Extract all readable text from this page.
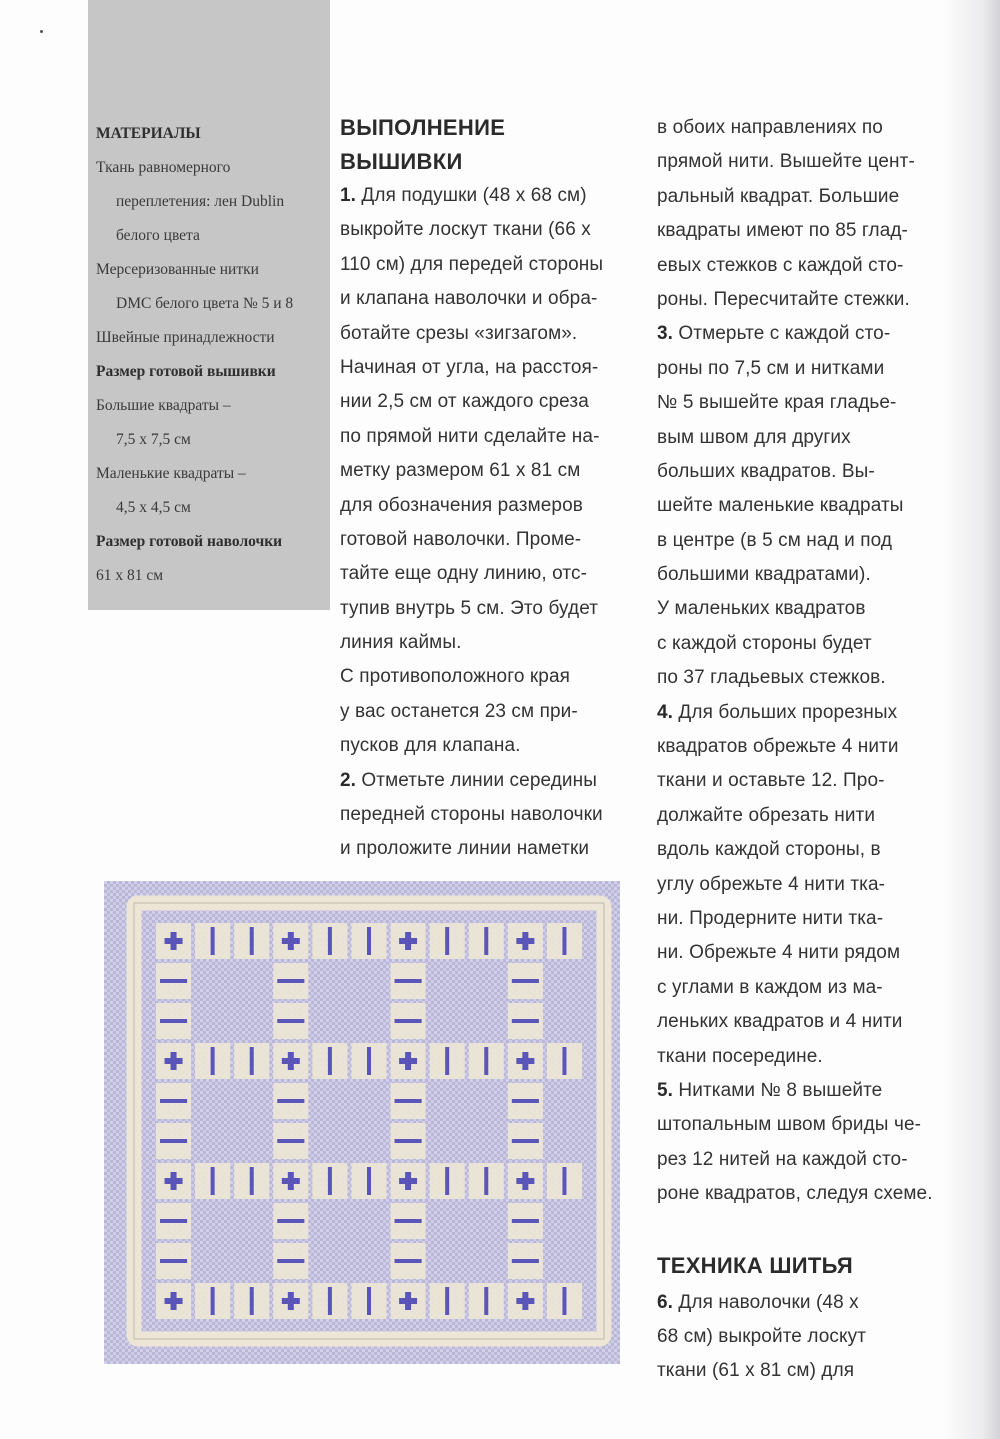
МАТЕРИАЛЫ
Ткань равномерного
переплетения: лен Dublin
белого цвета
Мерсеризованные нитки
DMC белого цвета № 5 и 8
Швейные принадлежности
Размер готовой вышивки
Большие квадраты –
7,5 x 7,5 см
Маленькие квадраты –
4,5 x 4,5 см
Размер готовой наволочки
61 x 81 см
ВЫПОЛНЕНИЕ
ВЫШИВКИ
1. Для подушки (48 x 68 см)
выкройте лоскут ткани (66 x
110 см) для передей стороны
и клапана наволочки и обра-
ботайте срезы «зигзагом».
Начиная от угла, на расстоя-
нии 2,5 см от каждого среза
по прямой нити сделайте на-
метку размером 61 x 81 см
для обозначения размеров
готовой наволочки. Проме-
тайте еще одну линию, отс-
тупив внутрь 5 см. Это будет
линия каймы.
С противоположного края
у вас останется 23 см при-
пусков для клапана.
2. Отметьте линии середины
передней стороны наволочки
и проложите линии наметки
в обоих направлениях по
прямой нити. Вышейте цент-
ральный квадрат. Большие
квадраты имеют по 85 глад-
евых стежков с каждой сто-
роны. Пересчитайте стежки.
3. Отмерьте с каждой сто-
роны по 7,5 см и нитками
№ 5 вышейте края гладье-
вым швом для других
больших квадратов. Вы-
шейте маленькие квадраты
в центре (в 5 см над и под
большими квадратами).
У маленьких квадратов
с каждой стороны будет
по 37 гладьевых стежков.
4. Для больших прорезных
квадратов обрежьте 4 нити
ткани и оставьте 12. Про-
должайте обрезать нити
вдоль каждой стороны, в
углу обрежьте 4 нити тка-
ни. Продерните нити тка-
ни. Обрежьте 4 нити рядом
с углами в каждом из ма-
леньких квадратов и 4 нити
ткани посередине.
5. Нитками № 8 вышейте
штопальным швом бриды че-
рез 12 нитей на каждой сто-
роне квадратов, следуя схеме.
ТЕХНИКА ШИТЬЯ
6. Для наволочки (48 x
68 см) выкройте лоскут
ткани (61 x 81 см) для
